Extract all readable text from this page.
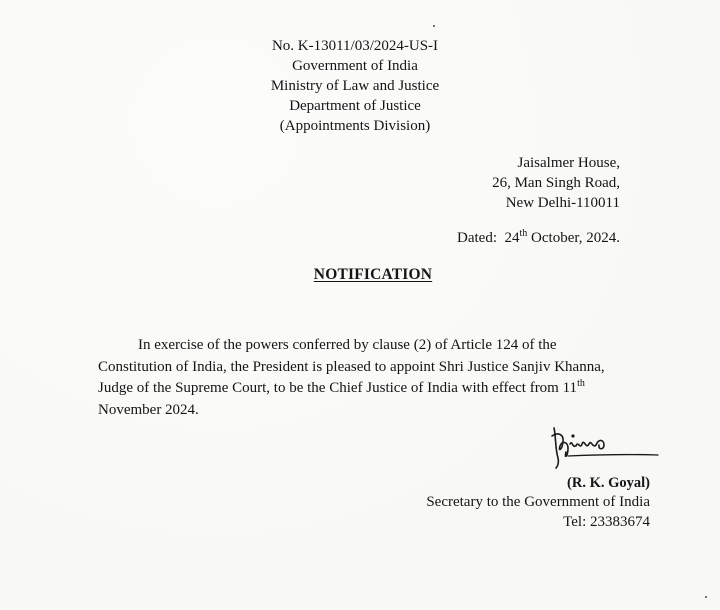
No. K-13011/03/2024-US-I
Government of India
Ministry of Law and Justice
Department of Justice
(Appointments Division)
Jaisalmer House,
26, Man Singh Road,
New Delhi-110011
Dated: 24th October, 2024.
NOTIFICATION
In exercise of the powers conferred by clause (2) of Article 124 of the
Constitution of India, the President is pleased to appoint Shri Justice Sanjiv Khanna,
Judge of the Supreme Court, to be the Chief Justice of India with effect from 11th
November 2024.
(R. K. Goyal)
Secretary to the Government of India
Tel: 23383674
